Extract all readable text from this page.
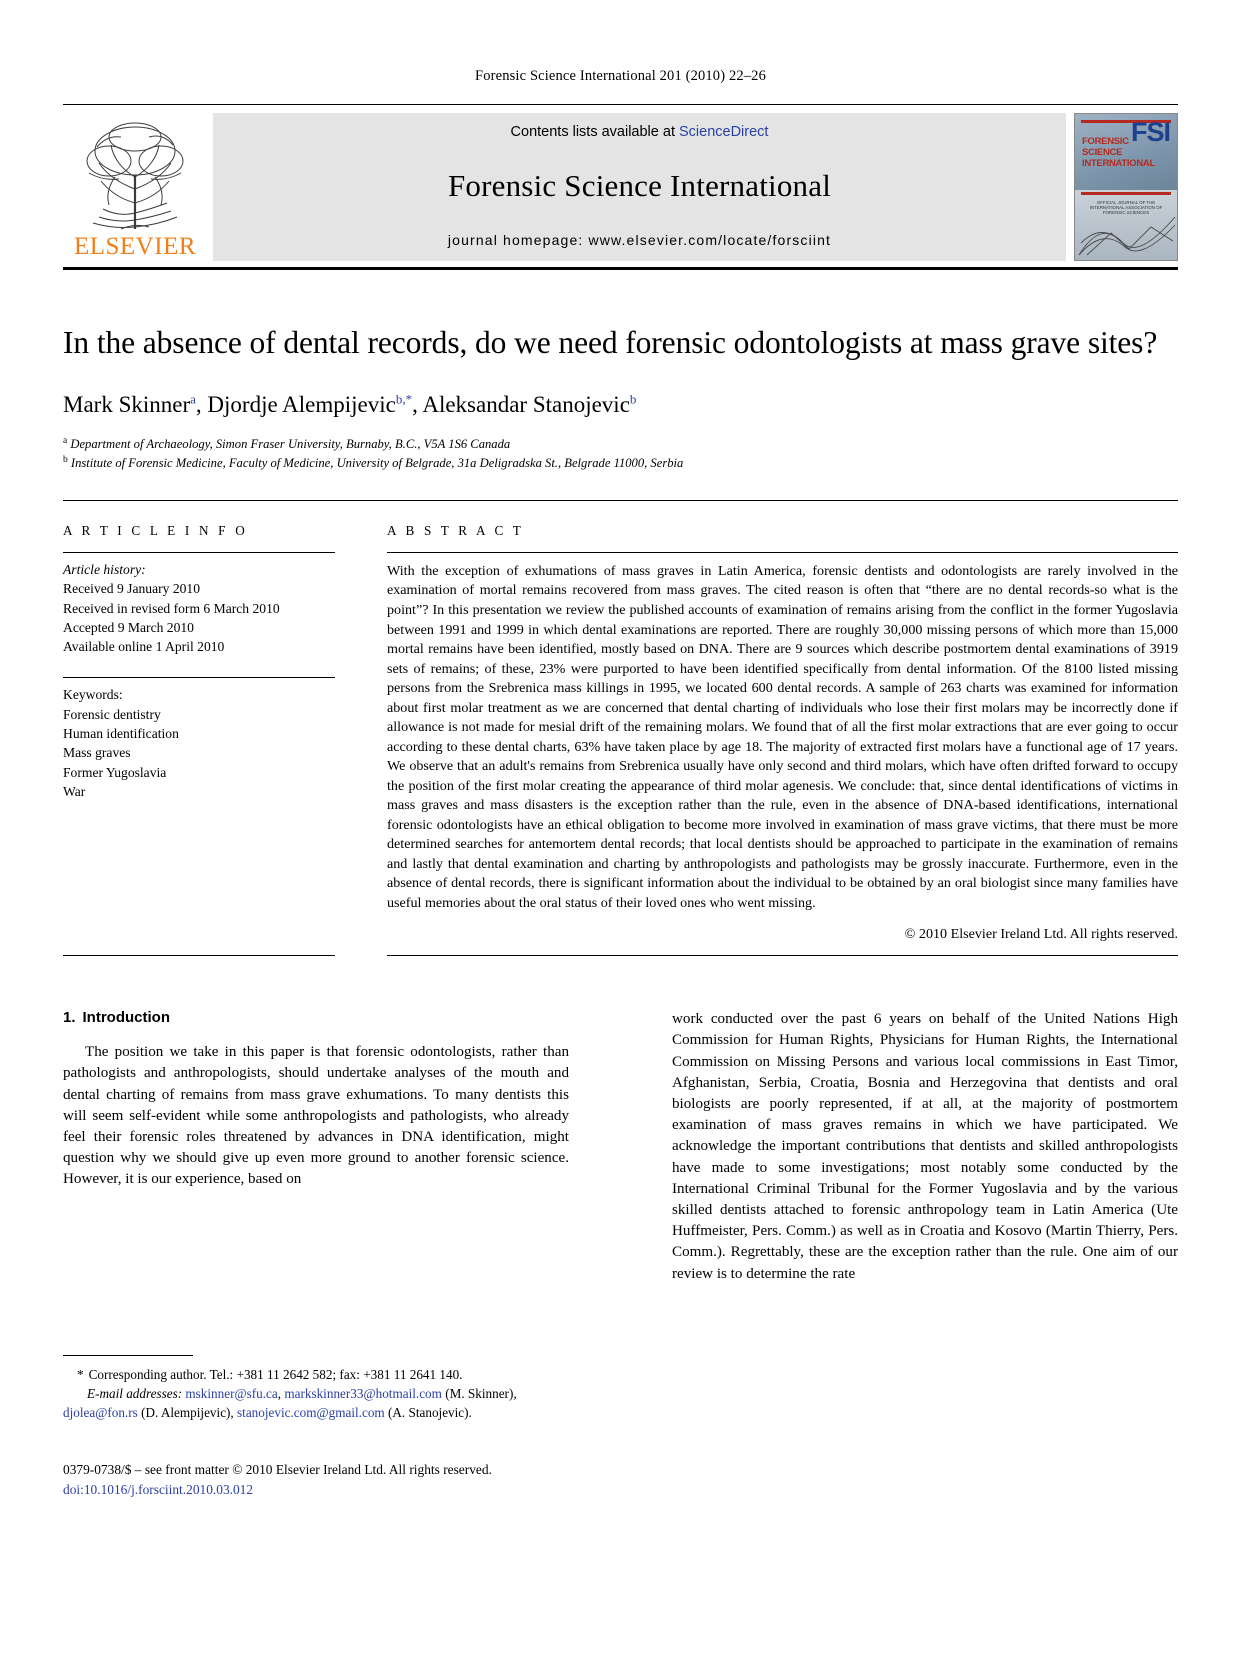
Forensic Science International 201 (2010) 22–26
ELSEVIER
Contents lists available at ScienceDirect
Forensic Science International
journal homepage: www.elsevier.com/locate/forsciint
FORENSIC
SCIENCE
INTERNATIONAL
FSI
OFFICIAL JOURNAL OF THE INTERNATIONAL ASSOCIATION OF FORENSIC SCIENCES
In the absence of dental records, do we need forensic odontologists at mass grave sites?
Mark Skinner$^a$, Djordje Alempijevic$^{b,*}$, Aleksandar Stanojevic$^b$
$^a$ Department of Archaeology, Simon Fraser University, Burnaby, B.C., V5A 1S6 Canada
$^b$ Institute of Forensic Medicine, Faculty of Medicine, University of Belgrade, 31a Deligradska St., Belgrade 11000, Serbia
A R T I C L E I N F O
Article history:
Received 9 January 2010
Received in revised form 6 March 2010
Accepted 9 March 2010
Available online 1 April 2010
Keywords:
Forensic dentistry
Human identification
Mass graves
Former Yugoslavia
War
A B S T R A C T
With the exception of exhumations of mass graves in Latin America, forensic dentists and odontologists are rarely involved in the examination of mortal remains recovered from mass graves. The cited reason is often that “there are no dental records-so what is the point”? In this presentation we review the published accounts of examination of remains arising from the conflict in the former Yugoslavia between 1991 and 1999 in which dental examinations are reported. There are roughly 30,000 missing persons of which more than 15,000 mortal remains have been identified, mostly based on DNA. There are 9 sources which describe postmortem dental examinations of 3919 sets of remains; of these, 23% were purported to have been identified specifically from dental information. Of the 8100 listed missing persons from the Srebrenica mass killings in 1995, we located 600 dental records. A sample of 263 charts was examined for information about first molar treatment as we are concerned that dental charting of individuals who lose their first molars may be incorrectly done if allowance is not made for mesial drift of the remaining molars. We found that of all the first molar extractions that are ever going to occur according to these dental charts, 63% have taken place by age 18. The majority of extracted first molars have a functional age of 17 years. We observe that an adult's remains from Srebrenica usually have only second and third molars, which have often drifted forward to occupy the position of the first molar creating the appearance of third molar agenesis. We conclude: that, since dental identifications of victims in mass graves and mass disasters is the exception rather than the rule, even in the absence of DNA-based identifications, international forensic odontologists have an ethical obligation to become more involved in examination of mass grave victims, that there must be more determined searches for antemortem dental records; that local dentists should be approached to participate in the examination of remains and lastly that dental examination and charting by anthropologists and pathologists may be grossly inaccurate. Furthermore, even in the absence of dental records, there is significant information about the individual to be obtained by an oral biologist since many families have useful memories about the oral status of their loved ones who went missing.
© 2010 Elsevier Ireland Ltd. All rights reserved.
1. Introduction

The position we take in this paper is that forensic odontologists, rather than pathologists and anthropologists, should undertake analyses of the mouth and dental charting of remains from mass grave exhumations. To many dentists this will seem self-evident while some anthropologists and pathologists, who already feel their forensic roles threatened by advances in DNA identification, might question why we should give up even more ground to another forensic science. However, it is our experience, based on

work conducted over the past 6 years on behalf of the United Nations High Commission for Human Rights, Physicians for Human Rights, the International Commission on Missing Persons and various local commissions in East Timor, Afghanistan, Serbia, Croatia, Bosnia and Herzegovina that dentists and oral biologists are poorly represented, if at all, at the majority of postmortem examination of mass graves remains in which we have participated. We acknowledge the important contributions that dentists and skilled anthropologists have made to some investigations; most notably some conducted by the International Criminal Tribunal for the Former Yugoslavia and by the various skilled dentists attached to forensic anthropology team in Latin America (Ute Huffmeister, Pers. Comm.) as well as in Croatia and Kosovo (Martin Thierry, Pers. Comm.). Regrettably, these are the exception rather than the rule. One aim of our review is to determine the rate

* Corresponding author. Tel.: +381 11 2642 582; fax: +381 11 2641 140.
E-mail addresses: mskinner@sfu.ca, markskinner33@hotmail.com (M. Skinner),
djolea@fon.rs (D. Alempijevic), stanojevic.com@gmail.com (A. Stanojevic).
0379-0738/$ – see front matter © 2010 Elsevier Ireland Ltd. All rights reserved.
doi:10.1016/j.forsciint.2010.03.012
